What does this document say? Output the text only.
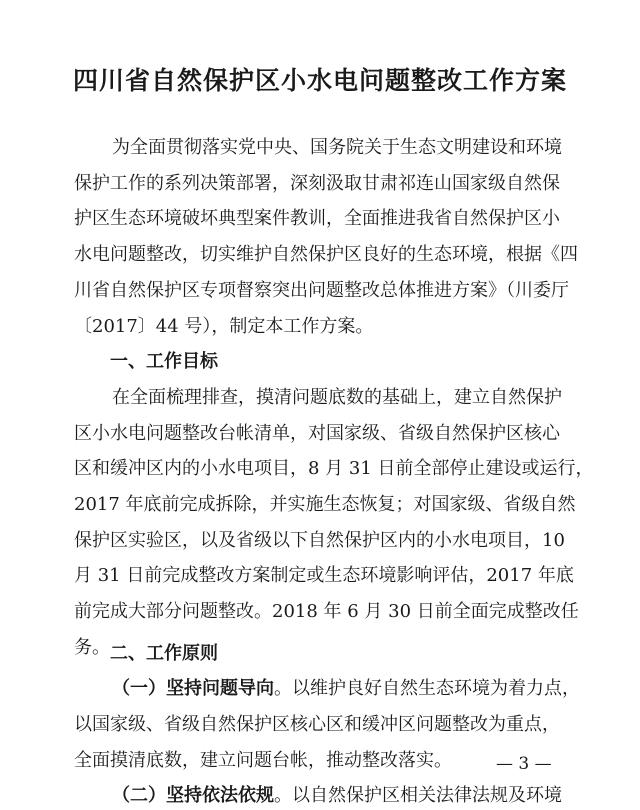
四川省自然保护区小水电问题整改工作方案
为全面贯彻落实党中央、国务院关于生态文明建设和环境
保护工作的系列决策部署，深刻汲取甘肃祁连山国家级自然保
护区生态环境破坏典型案件教训，全面推进我省自然保护区小
水电问题整改，切实维护自然保护区良好的生态环境，根据《四
川省自然保护区专项督察突出问题整改总体推进方案》（川委厅
〔2017〕44 号），制定本工作方案。
一、工作目标
在全面梳理排查，摸清问题底数的基础上，建立自然保护
区小水电问题整改台帐清单，对国家级、省级自然保护区核心
区和缓冲区内的小水电项目，8 月 31 日前全部停止建设或运行，
2017 年底前完成拆除，并实施生态恢复；对国家级、省级自然
保护区实验区，以及省级以下自然保护区内的小水电项目，10
月 31 日前完成整改方案制定或生态环境影响评估，2017 年底
前完成大部分问题整改。2018 年 6 月 30 日前全面完成整改任
务。 二、工作原则
（一）坚持问题导向。以维护良好自然生态环境为着力点，
以国家级、省级自然保护区核心区和缓冲区问题整改为重点，
全面摸清底数，建立问题台帐，推动整改落实。
（二）坚持依法依规。以自然保护区相关法律法规及环境
— 3 —
